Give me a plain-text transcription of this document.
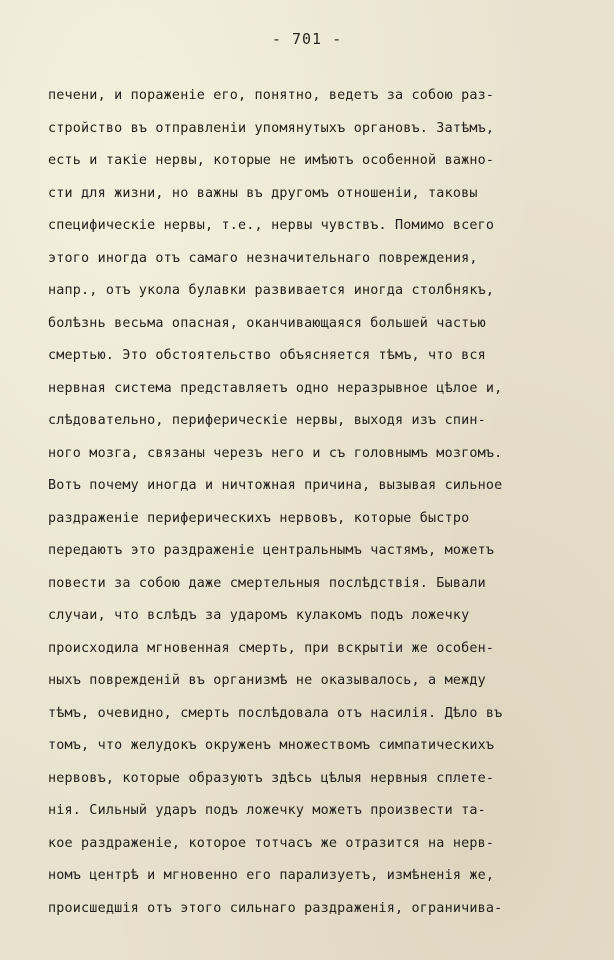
- 701 -
печени, и пораженіе его, понятно, ведетъ за собою раз-
стройство въ отправленіи упомянутыхъ органовъ. Затѣмъ,
есть и такіе нервы, которые не имѣютъ особенной важно-
сти для жизни, но важны въ другомъ отношеніи, таковы
специфическіе нервы, т.е., нервы чувствъ. Помимо всего
этого иногда отъ самаго незначительнаго повреждения,
напр., отъ укола булавки развивается иногда столбнякъ,
болѣзнь весьма опасная, оканчивающаяся большей частью
смертью. Это обстоятельство объясняется тѣмъ, что вся
нервная система представляетъ одно неразрывное цѣлое и,
слѣдовательно, периферическіе нервы, выходя изъ спин-
ного мозга, связаны черезъ него и съ головнымъ мозгомъ.
Вотъ почему иногда и ничтожная причина, вызывая сильное
раздраженіе периферическихъ нервовъ, которые быстро
передаютъ это раздраженіе центральнымъ частямъ, можетъ
повести за собою даже смертельныя послѣдствія. Бывали
случаи, что вслѣдъ за ударомъ кулакомъ подъ ложечку
происходила мгновенная смерть, при вскрытіи же особен-
ныхъ поврежденій въ организмѣ не оказывалось, а между
тѣмъ, очевидно, смерть послѣдовала отъ насилія. Дѣло въ
томъ, что желудокъ окруженъ множествомъ симпатическихъ
нервовъ, которые образуютъ здѣсь цѣлыя нервныя сплете-
нія. Сильный ударъ подъ ложечку можетъ произвести та-
кое раздраженіе, которое тотчасъ же отразится на нерв-
номъ центрѣ и мгновенно его парализуетъ, измѣненія же,
происшедшія отъ этого сильнаго раздраженія, ограничива-
